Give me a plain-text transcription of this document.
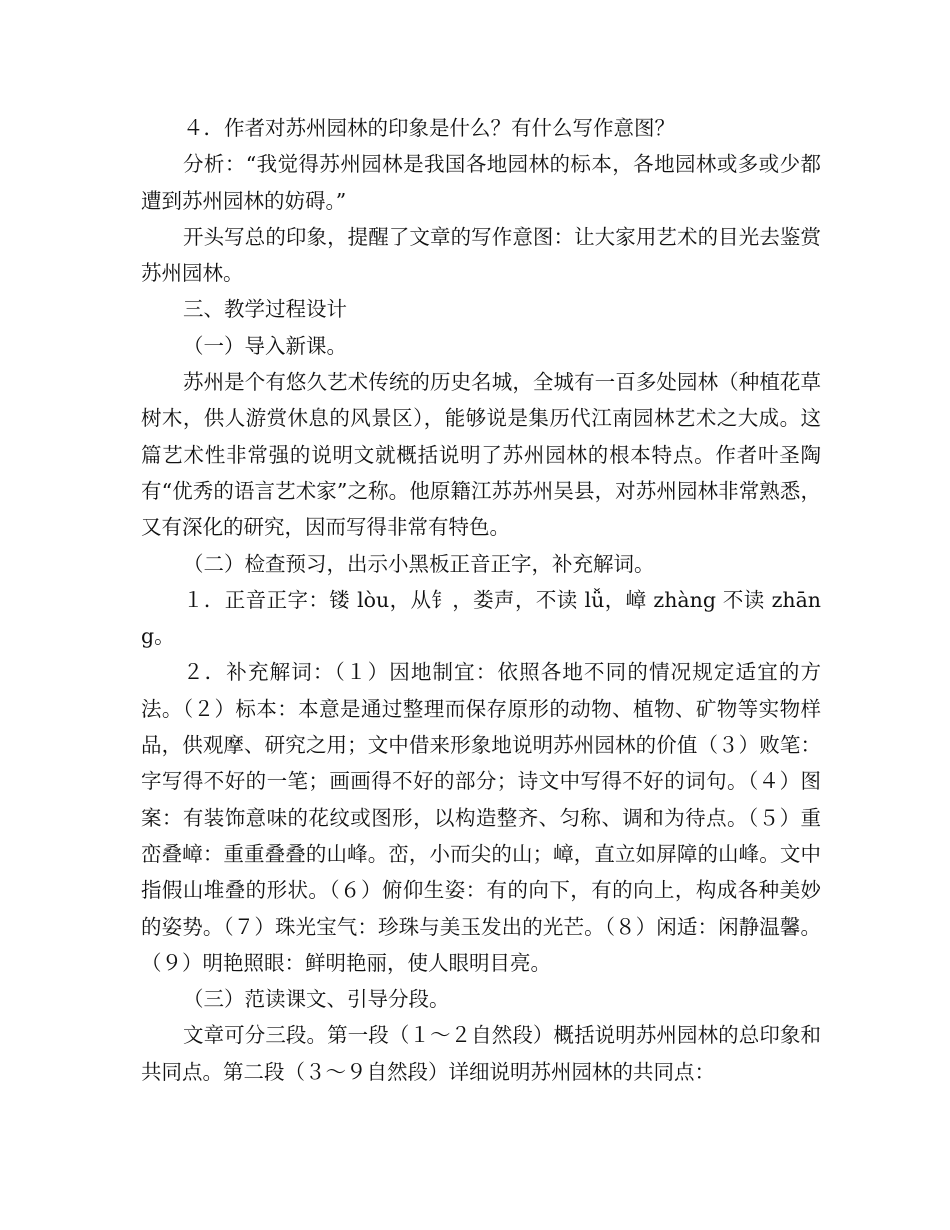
４．作者对苏州园林的印象是什么？有什么写作意图？

分析：“我觉得苏州园林是我国各地园林的标本，各地园林或多或少都遭到苏州园林的妨碍。”

开头写总的印象，提醒了文章的写作意图：让大家用艺术的目光去鉴赏苏州园林。

三、教学过程设计

（一）导入新课。

苏州是个有悠久艺术传统的历史名城，全城有一百多处园林（种植花草树木，供人游赏休息的风景区），能够说是集历代江南园林艺术之大成。这篇艺术性非常强的说明文就概括说明了苏州园林的根本特点。作者叶圣陶有“优秀的语言艺术家”之称。他原籍江苏苏州吴县，对苏州园林非常熟悉，又有深化的研究，因而写得非常有特色。

（二）检查预习，出示小黑板正音正字，补充解词。

１．正音正字：镂 lòu，从钅，娄声，不读 lǚ，嶂 zhàng 不读 zhāng。

２．补充解词：（１）因地制宜：依照各地不同的情况规定适宜的方法。（２）标本：本意是通过整理而保存原形的动物、植物、矿物等实物样品，供观摩、研究之用；文中借来形象地说明苏州园林的价值（３）败笔：字写得不好的一笔；画画得不好的部分；诗文中写得不好的词句。（４）图案：有装饰意味的花纹或图形，以构造整齐、匀称、调和为待点。（５）重峦叠嶂：重重叠叠的山峰。峦，小而尖的山；嶂，直立如屏障的山峰。文中指假山堆叠的形状。（６）俯仰生姿：有的向下，有的向上，构成各种美妙的姿势。（７）珠光宝气：珍珠与美玉发出的光芒。（８）闲适：闲静温馨。（９）明艳照眼：鲜明艳丽，使人眼明目亮。

（三）范读课文、引导分段。

文章可分三段。第一段（１～２自然段）概括说明苏州园林的总印象和共同点。第二段（３～９自然段）详细说明苏州园林的共同点：
